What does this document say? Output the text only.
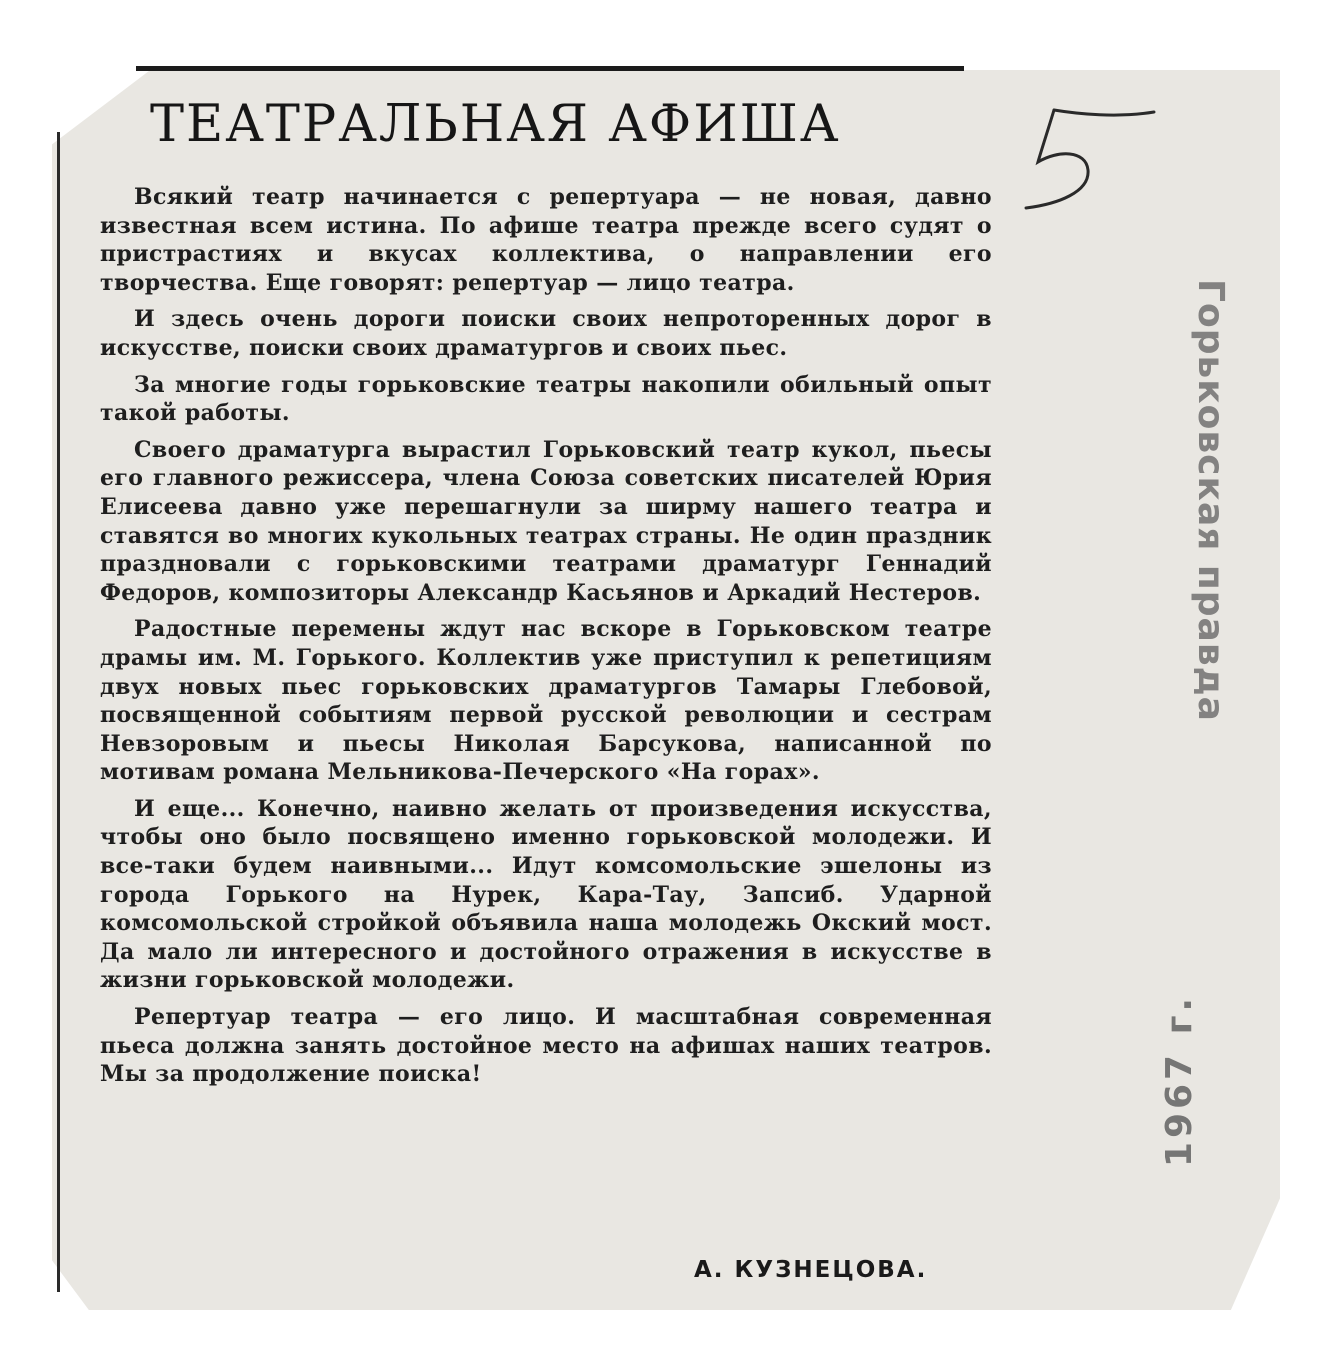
ТЕАТРАЛЬНАЯ АФИША

Всякий театр начинается с репертуара — не новая, давно известная всем истина. По афише театра прежде всего судят о пристрастиях и вкусах коллектива, о направлении его творчества. Еще говорят: репертуар — лицо театра.

И здесь очень дороги поиски своих непроторенных дорог в искусстве, поиски своих драматургов и своих пьес.

За многие годы горьковские театры накопили обильный опыт такой работы.

Своего драматурга вырастил Горьковский театр кукол, пьесы его главного режиссера, члена Союза советских писателей Юрия Елисеева давно уже перешагнули за ширму нашего театра и ставятся во многих кукольных театрах страны. Не один праздник праздновали с горьковскими театрами драматург Геннадий Федоров, композиторы Александр Касьянов и Аркадий Нестеров.

Радостные перемены ждут нас вскоре в Горьковском театре драмы им. М. Горького. Коллектив уже приступил к репетициям двух новых пьес горьковских драматургов Тамары Глебовой, посвященной событиям первой русской революции и сестрам Невзоровым и пьесы Николая Барсукова, написанной по мотивам романа Мельникова-Печерского «На горах».

И еще... Конечно, наивно желать от произведения искусства, чтобы оно было посвящено именно горьковской молодежи. И все-таки будем наивными... Идут комсомольские эшелоны из города Горького на Нурек, Кара-Тау, Запсиб. Ударной комсомольской стройкой объявила наша молодежь Окский мост. Да мало ли интересного и достойного отражения в искусстве в жизни горьковской молодежи.

Репертуар театра — его лицо. И масштабная современная пьеса должна занять достойное место на афишах наших театров. Мы за продолжение поиска!

А. КУЗНЕЦОВА.

Горьковская правда
1967 г.
